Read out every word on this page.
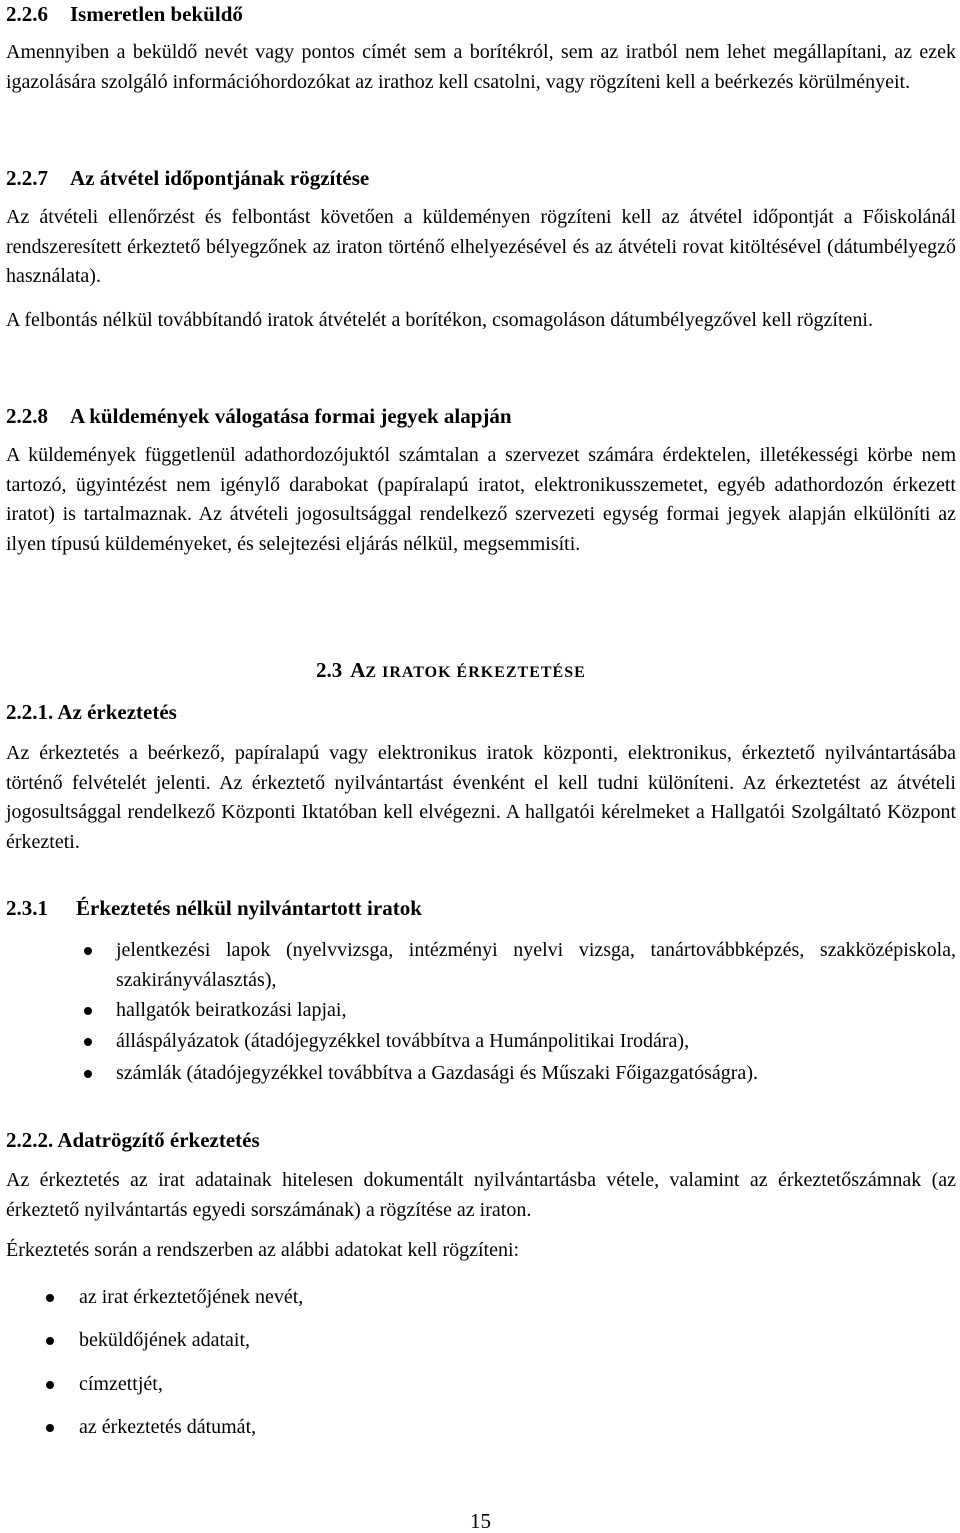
2.2.6 Ismeretlen beküldő

Amennyiben a beküldő nevét vagy pontos címét sem a borítékról, sem az iratból nem lehet megállapítani, az ezek igazolására szolgáló információhordozókat az irathoz kell csatolni, vagy rögzíteni kell a beérkezés körülményeit.

2.2.7 Az átvétel időpontjának rögzítése

Az átvételi ellenőrzést és felbontást követően a küldeményen rögzíteni kell az átvétel időpontját a Főiskolánál rendszeresített érkeztető bélyegzőnek az iraton történő elhelyezésével és az átvételi rovat kitöltésével (dátumbélyegző használata).

A felbontás nélkül továbbítandó iratok átvételét a borítékon, csomagoláson dátumbélyegzővel kell rögzíteni.

2.2.8 A küldemények válogatása formai jegyek alapján

A küldemények függetlenül adathordozójuktól számtalan a szervezet számára érdektelen, illetékességi körbe nem tartozó, ügyintézést nem igénylő darabokat (papíralapú iratot, elektronikusszemetet, egyéb adathordozón érkezett iratot) is tartalmaznak. Az átvételi jogosultsággal rendelkező szervezeti egység formai jegyek alapján elkülöníti az ilyen típusú küldeményeket, és selejtezési eljárás nélkül, megsemmisíti.

2.3 AZ IRATOK ÉRKEZTETÉSE
2.2.1. Az érkeztetés

Az érkeztetés a beérkező, papíralapú vagy elektronikus iratok központi, elektronikus, érkeztető nyilvántartásába történő felvételét jelenti. Az érkeztető nyilvántartást évenként el kell tudni különíteni. Az érkeztetést az átvételi jogosultsággal rendelkező Központi Iktatóban kell elvégezni. A hallgatói kérelmeket a Hallgatói Szolgáltató Központ érkezteti.

2.3.1 Érkeztetés nélkül nyilvántartott iratok
jelentkezési lapok (nyelvvizsga, intézményi nyelvi vizsga, tanártovábbképzés, szakközépiskola, szakirányválasztás),
hallgatók beiratkozási lapjai,
álláspályázatok (átadójegyzékkel továbbítva a Humánpolitikai Irodára),
számlák (átadójegyzékkel továbbítva a Gazdasági és Műszaki Főigazgatóságra).
2.2.2. Adatrögzítő érkeztetés

Az érkeztetés az irat adatainak hitelesen dokumentált nyilvántartásba vétele, valamint az érkeztetőszámnak (az érkeztető nyilvántartás egyedi sorszámának) a rögzítése az iraton.

Érkeztetés során a rendszerben az alábbi adatokat kell rögzíteni:

az irat érkeztetőjének nevét,
beküldőjének adatait,
címzettjét,
az érkeztetés dátumát,
15
